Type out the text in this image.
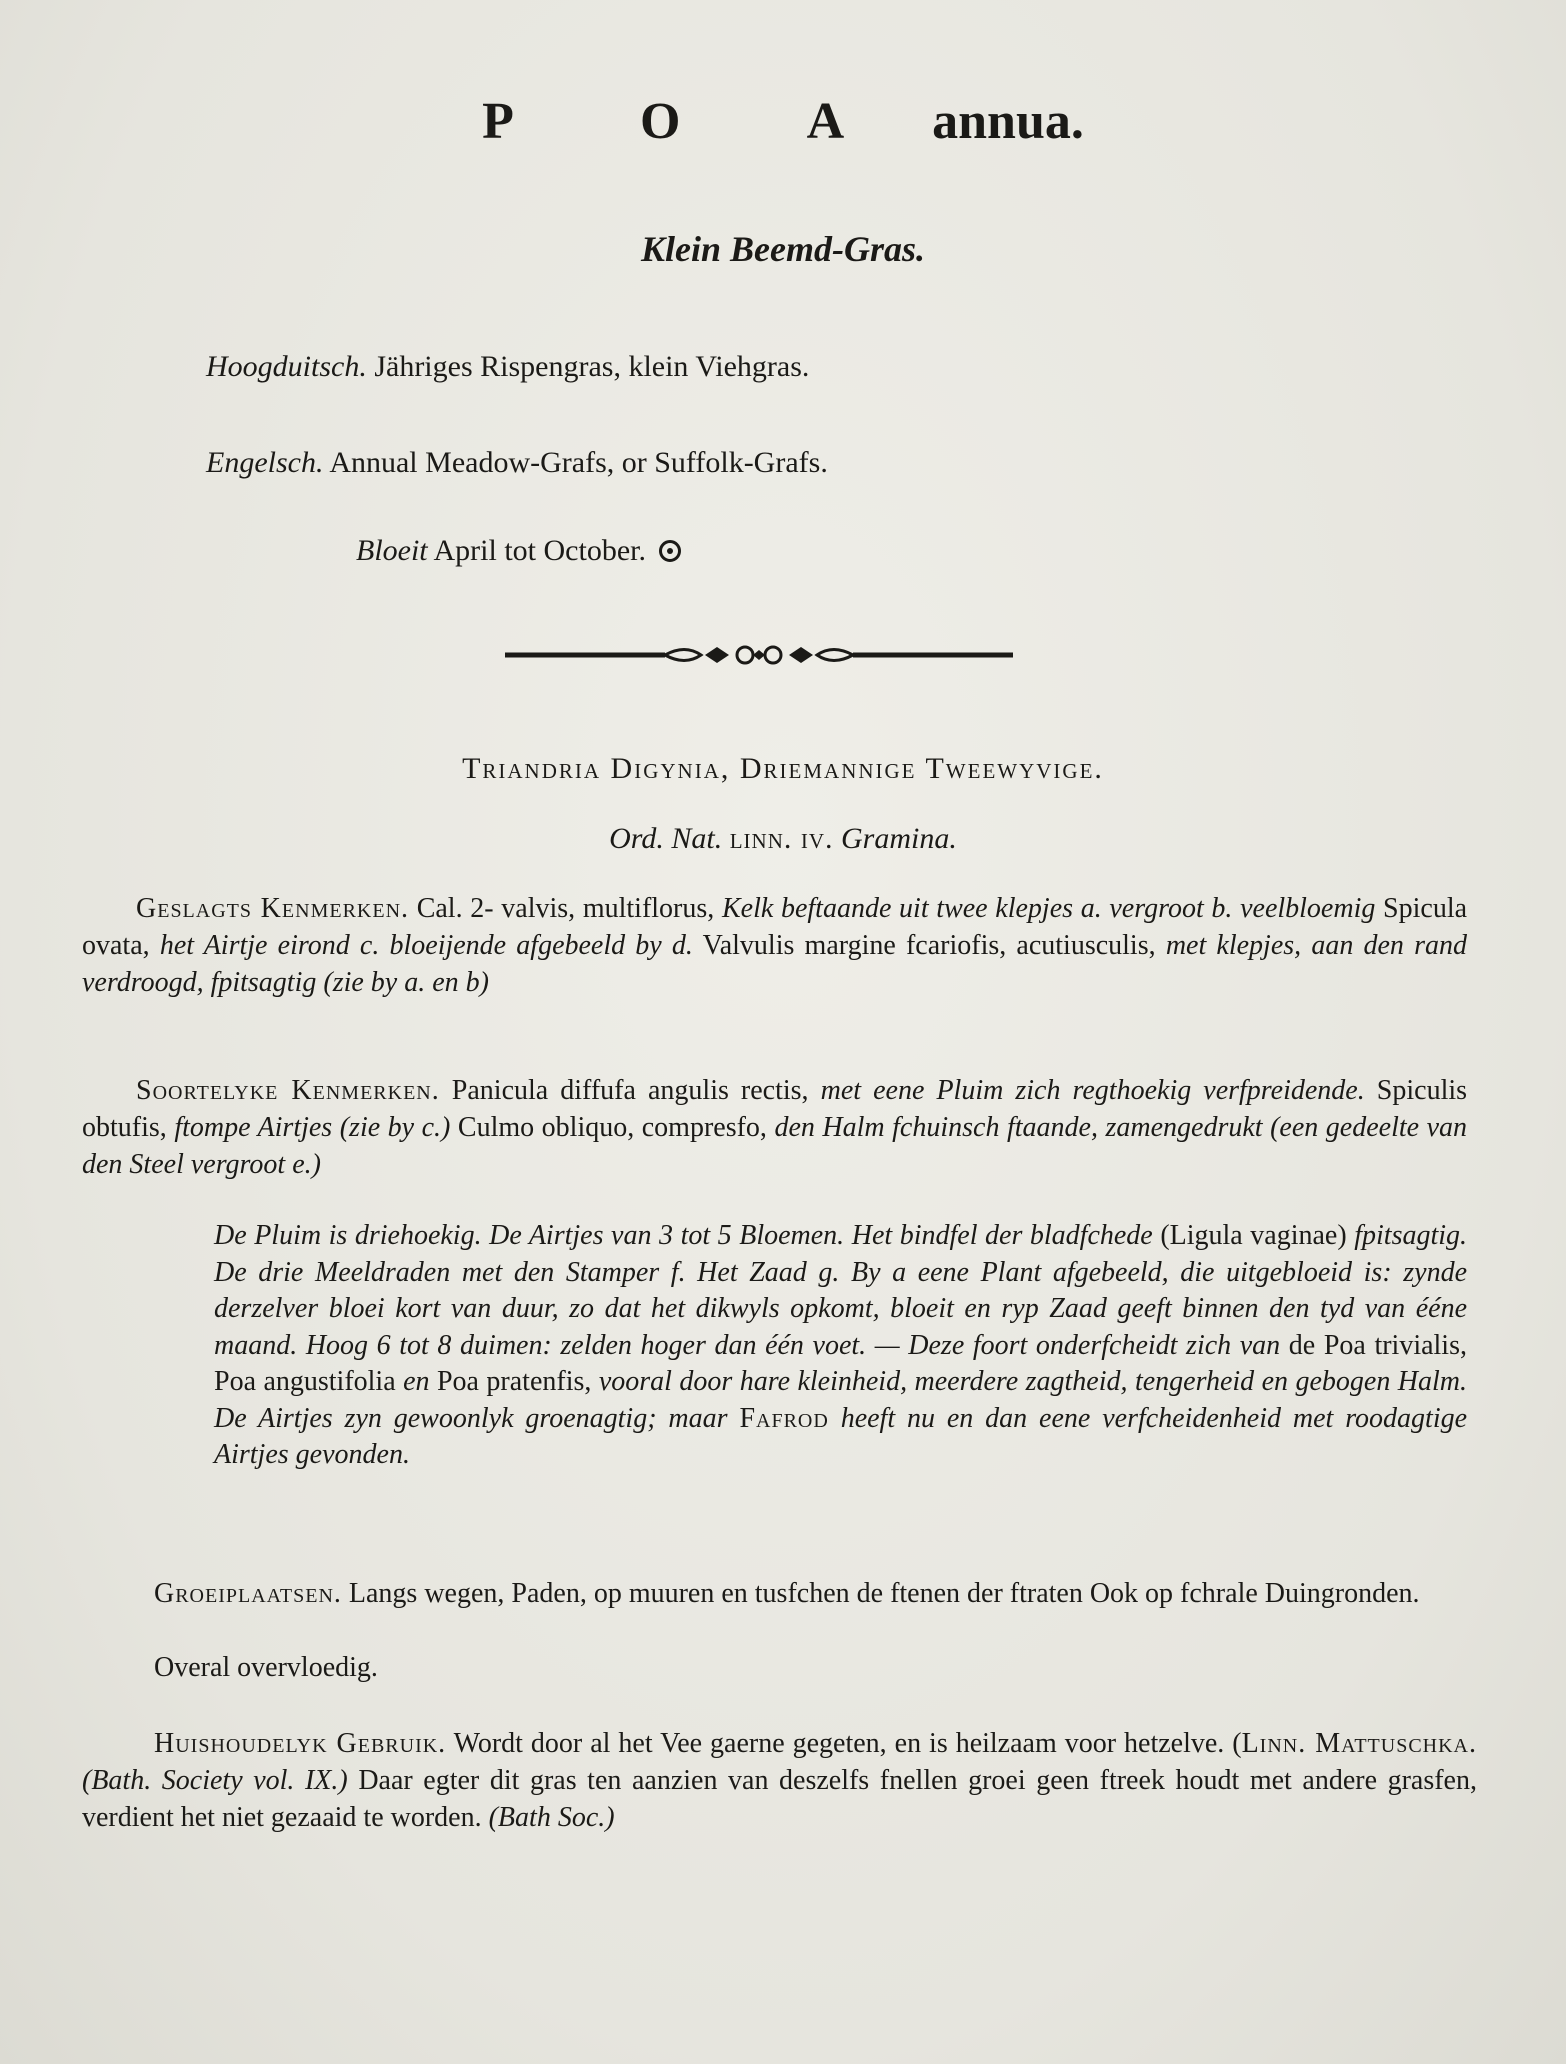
P O A annua.
Klein Beemd-Gras.
Hoogduitsch. Jähriges Rispengras, klein Viehgras.
Engelsch. Annual Meadow-Grafs, or Suffolk-Grafs.
Bloeit April tot October.
Triandria Digynia, Driemannige Tweewyvige.
Ord. Nat. linn. iv. Gramina.
Geslagts Kenmerken. Cal. 2- valvis, multiflorus, Kelk beftaande uit twee klepjes a. vergroot b. veelbloemig Spicula ovata, het Airtje eirond c. bloeijende afgebeeld by d. Valvulis margine fcariofis, acutiusculis, met klepjes, aan den rand verdroogd, fpitsagtig (zie by a. en b)
Soortelyke Kenmerken. Panicula diffufa angulis rectis, met eene Pluim zich regthoekig verfpreidende. Spiculis obtufis, ftompe Airtjes (zie by c.) Culmo obliquo, compresfo, den Halm fchuinsch ftaande, zamengedrukt (een gedeelte van den Steel vergroot e.)
De Pluim is driehoekig. De Airtjes van 3 tot 5 Bloemen. Het bindfel der bladfchede (Ligula vaginae) fpitsagtig. De drie Meeldraden met den Stamper f. Het Zaad g. By a eene Plant afgebeeld, die uitgebloeid is: zynde derzelver bloei kort van duur, zo dat het dikwyls opkomt, bloeit en ryp Zaad geeft binnen den tyd van ééne maand. Hoog 6 tot 8 duimen: zelden hoger dan één voet. — Deze foort onderfcheidt zich van de Poa trivialis, Poa angustifolia en Poa pratenfis, vooral door hare kleinheid, meerdere zagtheid, tengerheid en gebogen Halm. De Airtjes zyn gewoonlyk groenagtig; maar Fafrod heeft nu en dan eene verfcheidenheid met roodagtige Airtjes gevonden.
Groeiplaatsen. Langs wegen, Paden, op muuren en tusfchen de ftenen der ftraten Ook op fchrale Duingronden.
Overal overvloedig.
Huishoudelyk Gebruik. Wordt door al het Vee gaerne gegeten, en is heilzaam voor hetzelve. (Linn. Mattuschka. (Bath. Society vol. IX.) Daar egter dit gras ten aanzien van deszelfs fnellen groei geen ftreek houdt met andere grasfen, verdient het niet gezaaid te worden. (Bath Soc.)
